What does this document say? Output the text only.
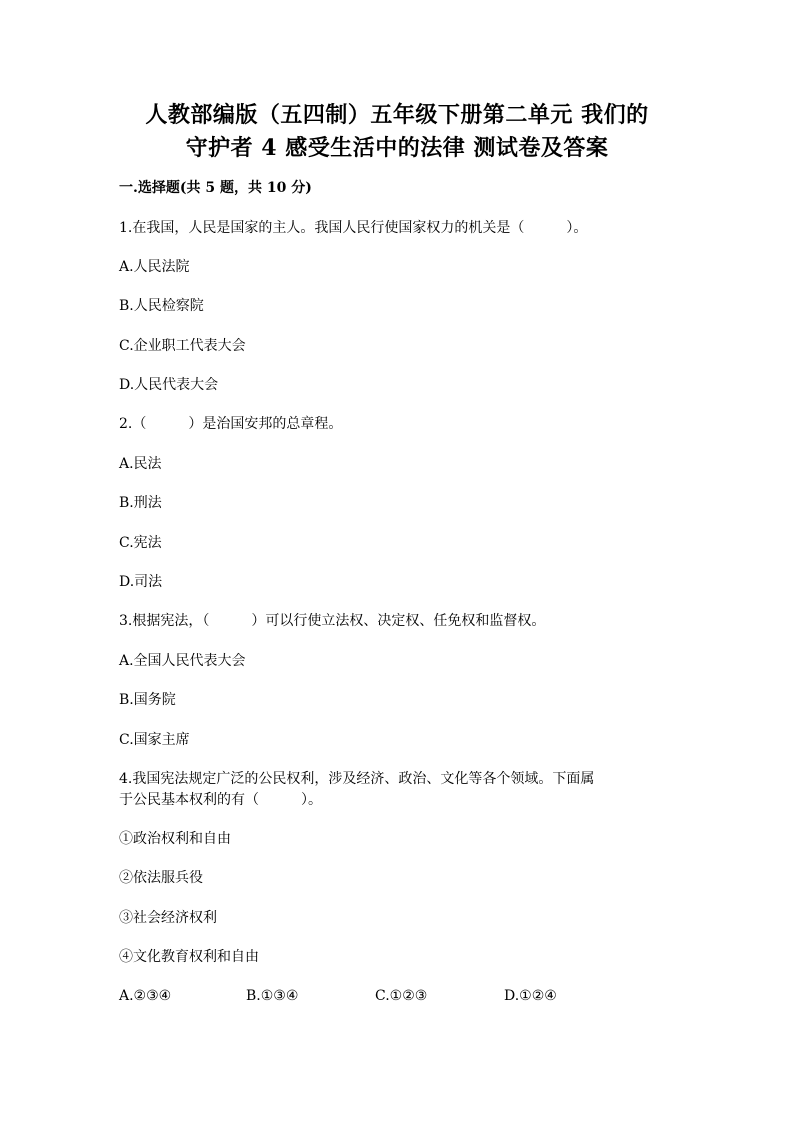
人教部编版（五四制）五年级下册第二单元 我们的
守护者 4 感受生活中的法律 测试卷及答案
一.选择题(共 5 题，共 10 分)
1.在我国，人民是国家的主人。我国人民行使国家权力的机关是（　　　）。
A.人民法院
B.人民检察院
C.企业职工代表大会
D.人民代表大会
2.（　　　）是治国安邦的总章程。
A.民法
B.刑法
C.宪法
D.司法
3.根据宪法，（　　　）可以行使立法权、决定权、任免权和监督权。
A.全国人民代表大会
B.国务院
C.国家主席
4.我国宪法规定广泛的公民权利，涉及经济、政治、文化等各个领域。下面属
于公民基本权利的有（　　　）。
①政治权利和自由
②依法服兵役
③社会经济权利
④文化教育权利和自由
A.②③④	B.①③④	C.①②③	D.①②④
